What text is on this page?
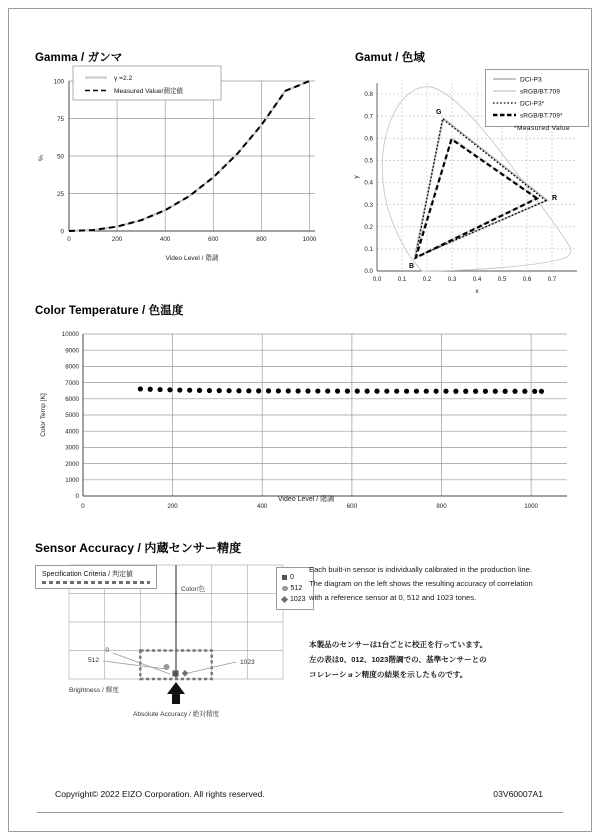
Gamma / ガンマ
100
75
50
25
0
0	200	400	600	800	1000
%
Video Level / 階調
γ =2.2
Measured Value/測定値
Gamut / 色域
R
G
B
0.0	0.1	0.2	0.3	0.4	0.5	0.6	0.7
0.0
0.1
0.2
0.3
0.4
0.5
0.6
0.7
0.8
y
x
DCI-P3
sRGB/BT.709
DCI-P3*
sRGB/BT.709*
*Measured Value
Color Temperature / 色温度
10000
9000
8000
7000
6000
5000
4000
3000
2000
1000
0
0	200	400	600	800	1000
Color Temp [K]
Video Level / 階調
Sensor Accuracy / 内蔵センサー精度
Color/色
0
512	1023
Brightness / 輝度
Absolute Accuracy / 絶対精度
Specification Criteria / 判定値	0
512
1023
Each built-in sensor is individually calibrated in the production line. The diagram on the left shows the resulting accuracy of correlation with a reference sensor at 0, 512 and 1023 tones.
本製品のセンサーは1台ごとに校正を行っています。
左の表は0、012、1023階調での、基準センサーとの
コレレーション精度の結果を示したものです。
Copyright© 2022 EIZO Corporation. All rights reserved.	03V60007A1
